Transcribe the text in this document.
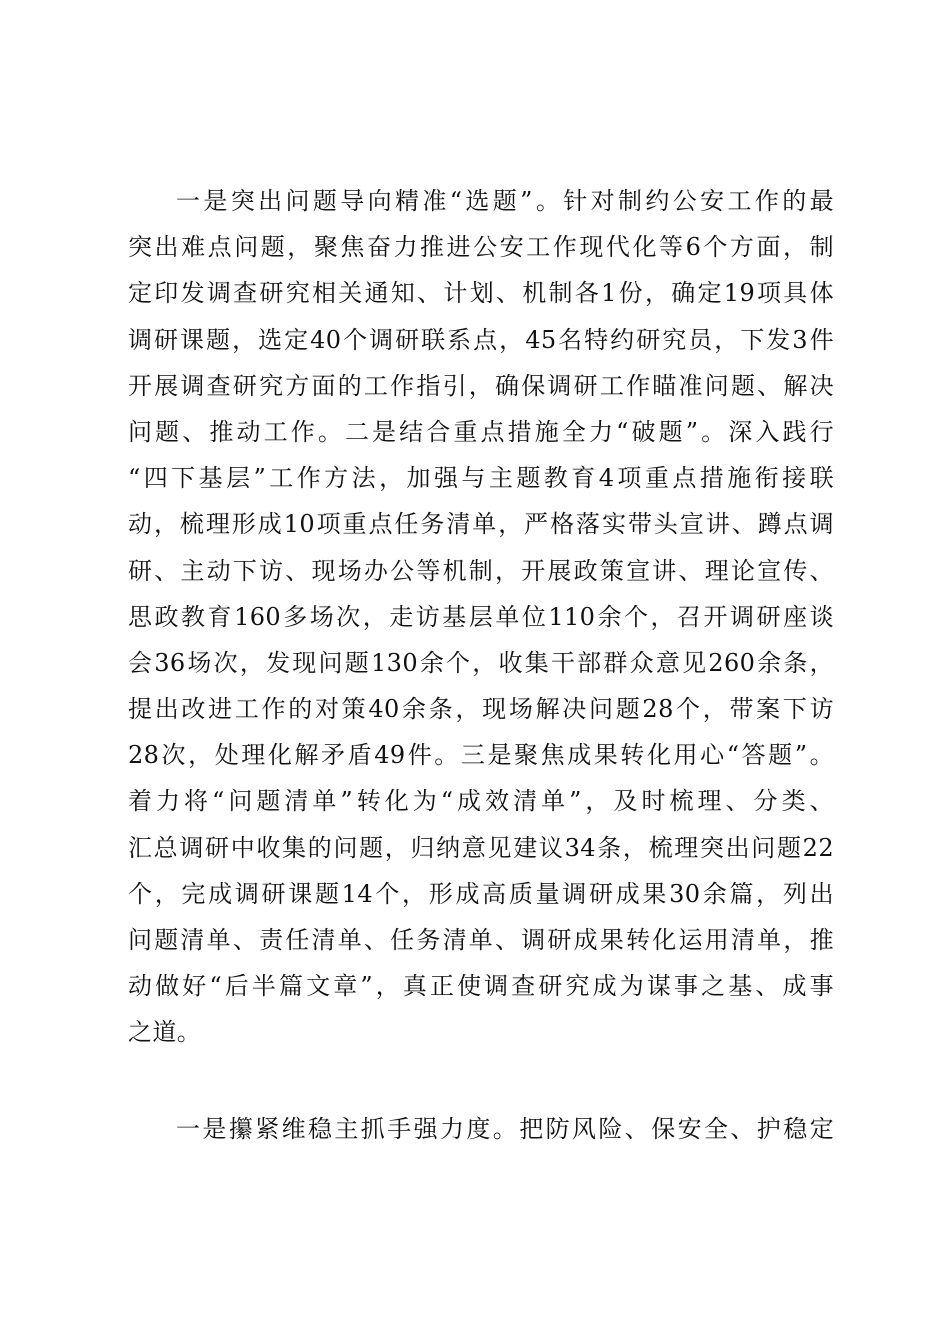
一是突出问题导向精准“选题”。针对制约公安工作的最
突出难点问题，聚焦奋力推进公安工作现代化等6个方面，制
定印发调查研究相关通知、计划、机制各1份，确定19项具体
调研课题，选定40个调研联系点，45名特约研究员，下发3件
开展调查研究方面的工作指引，确保调研工作瞄准问题、解决
问题、推动工作。二是结合重点措施全力“破题”。深入践行
“四下基层”工作方法，加强与主题教育4项重点措施衔接联
动，梳理形成10项重点任务清单，严格落实带头宣讲、蹲点调
研、主动下访、现场办公等机制，开展政策宣讲、理论宣传、
思政教育160多场次，走访基层单位110余个，召开调研座谈
会36场次，发现问题130余个，收集干部群众意见260余条，
提出改进工作的对策40余条，现场解决问题28个，带案下访
28次，处理化解矛盾49件。三是聚焦成果转化用心“答题”。
着力将“问题清单”转化为“成效清单”，及时梳理、分类、
汇总调研中收集的问题，归纳意见建议34条，梳理突出问题22
个，完成调研课题14个，形成高质量调研成果30余篇，列出
问题清单、责任清单、任务清单、调研成果转化运用清单，推
动做好“后半篇文章”，真正使调查研究成为谋事之基、成事
之道。
一是攥紧维稳主抓手强力度。把防风险、保安全、护稳定
